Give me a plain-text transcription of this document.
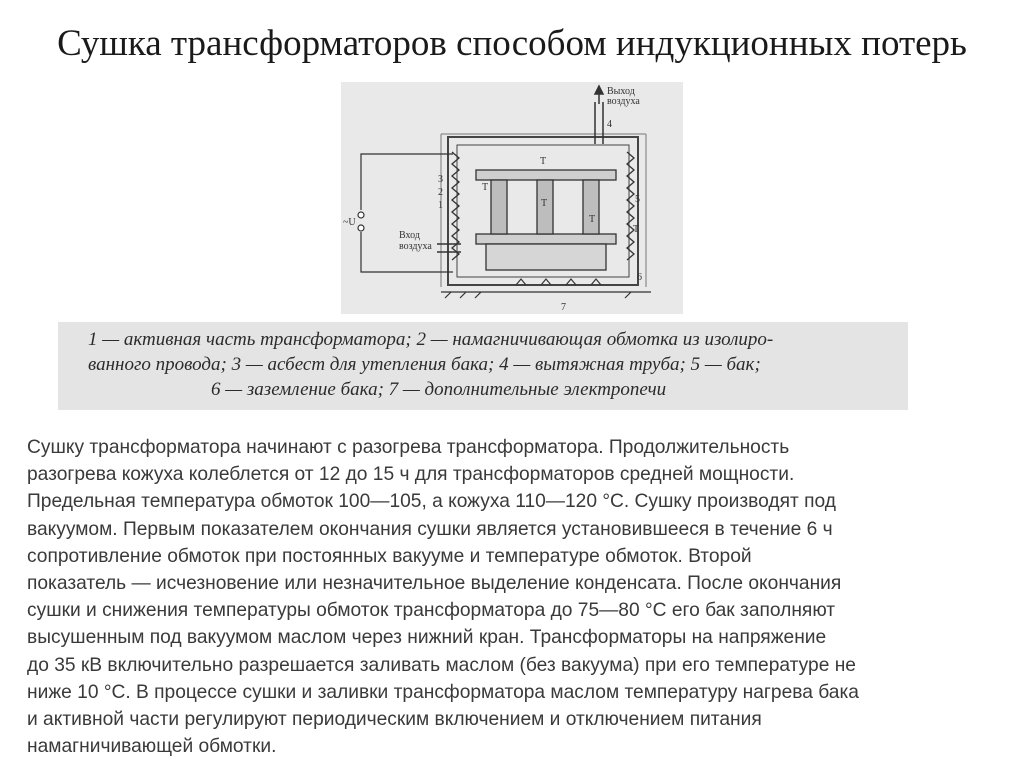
Сушка трансформаторов способом индукционных потерь
Выход
воздуха
Вход
воздуха
~U
T
T
T
T
T
1
2
3
4
5
6
7
1 — активная часть трансформатора; 2 — намагничивающая обмотка из изолиро-
ванного провода; 3 — асбест для утепления бака; 4 — вытяжная труба; 5 — бак;
6 — заземление бака; 7 — дополнительные электропечи
Сушку трансформатора начинают с разогрева трансформатора. Продолжительность
разогрева кожуха колеблется от 12 до 15 ч для трансформаторов средней мощности.
Предельная температура обмоток 100—105, а кожуха 110—120 °С. Сушку производят под
вакуумом. Первым показателем окончания сушки является установившееся в течение 6 ч
сопротивление обмоток при постоянных вакууме и температуре обмоток. Второй
показатель — исчезновение или незначительное выделение конденсата. После окончания
сушки и снижения температуры обмоток трансформатора до 75—80 °С его бак заполняют
высушенным под вакуумом маслом через нижний кран. Трансформаторы на напряжение
до 35 кВ включительно разрешается заливать маслом (без вакуума) при его температуре не
ниже 10 °С. В процессе сушки и заливки трансформатора маслом температуру нагрева бака
и активной части регулируют периодическим включением и отключением питания
намагничивающей обмотки.
